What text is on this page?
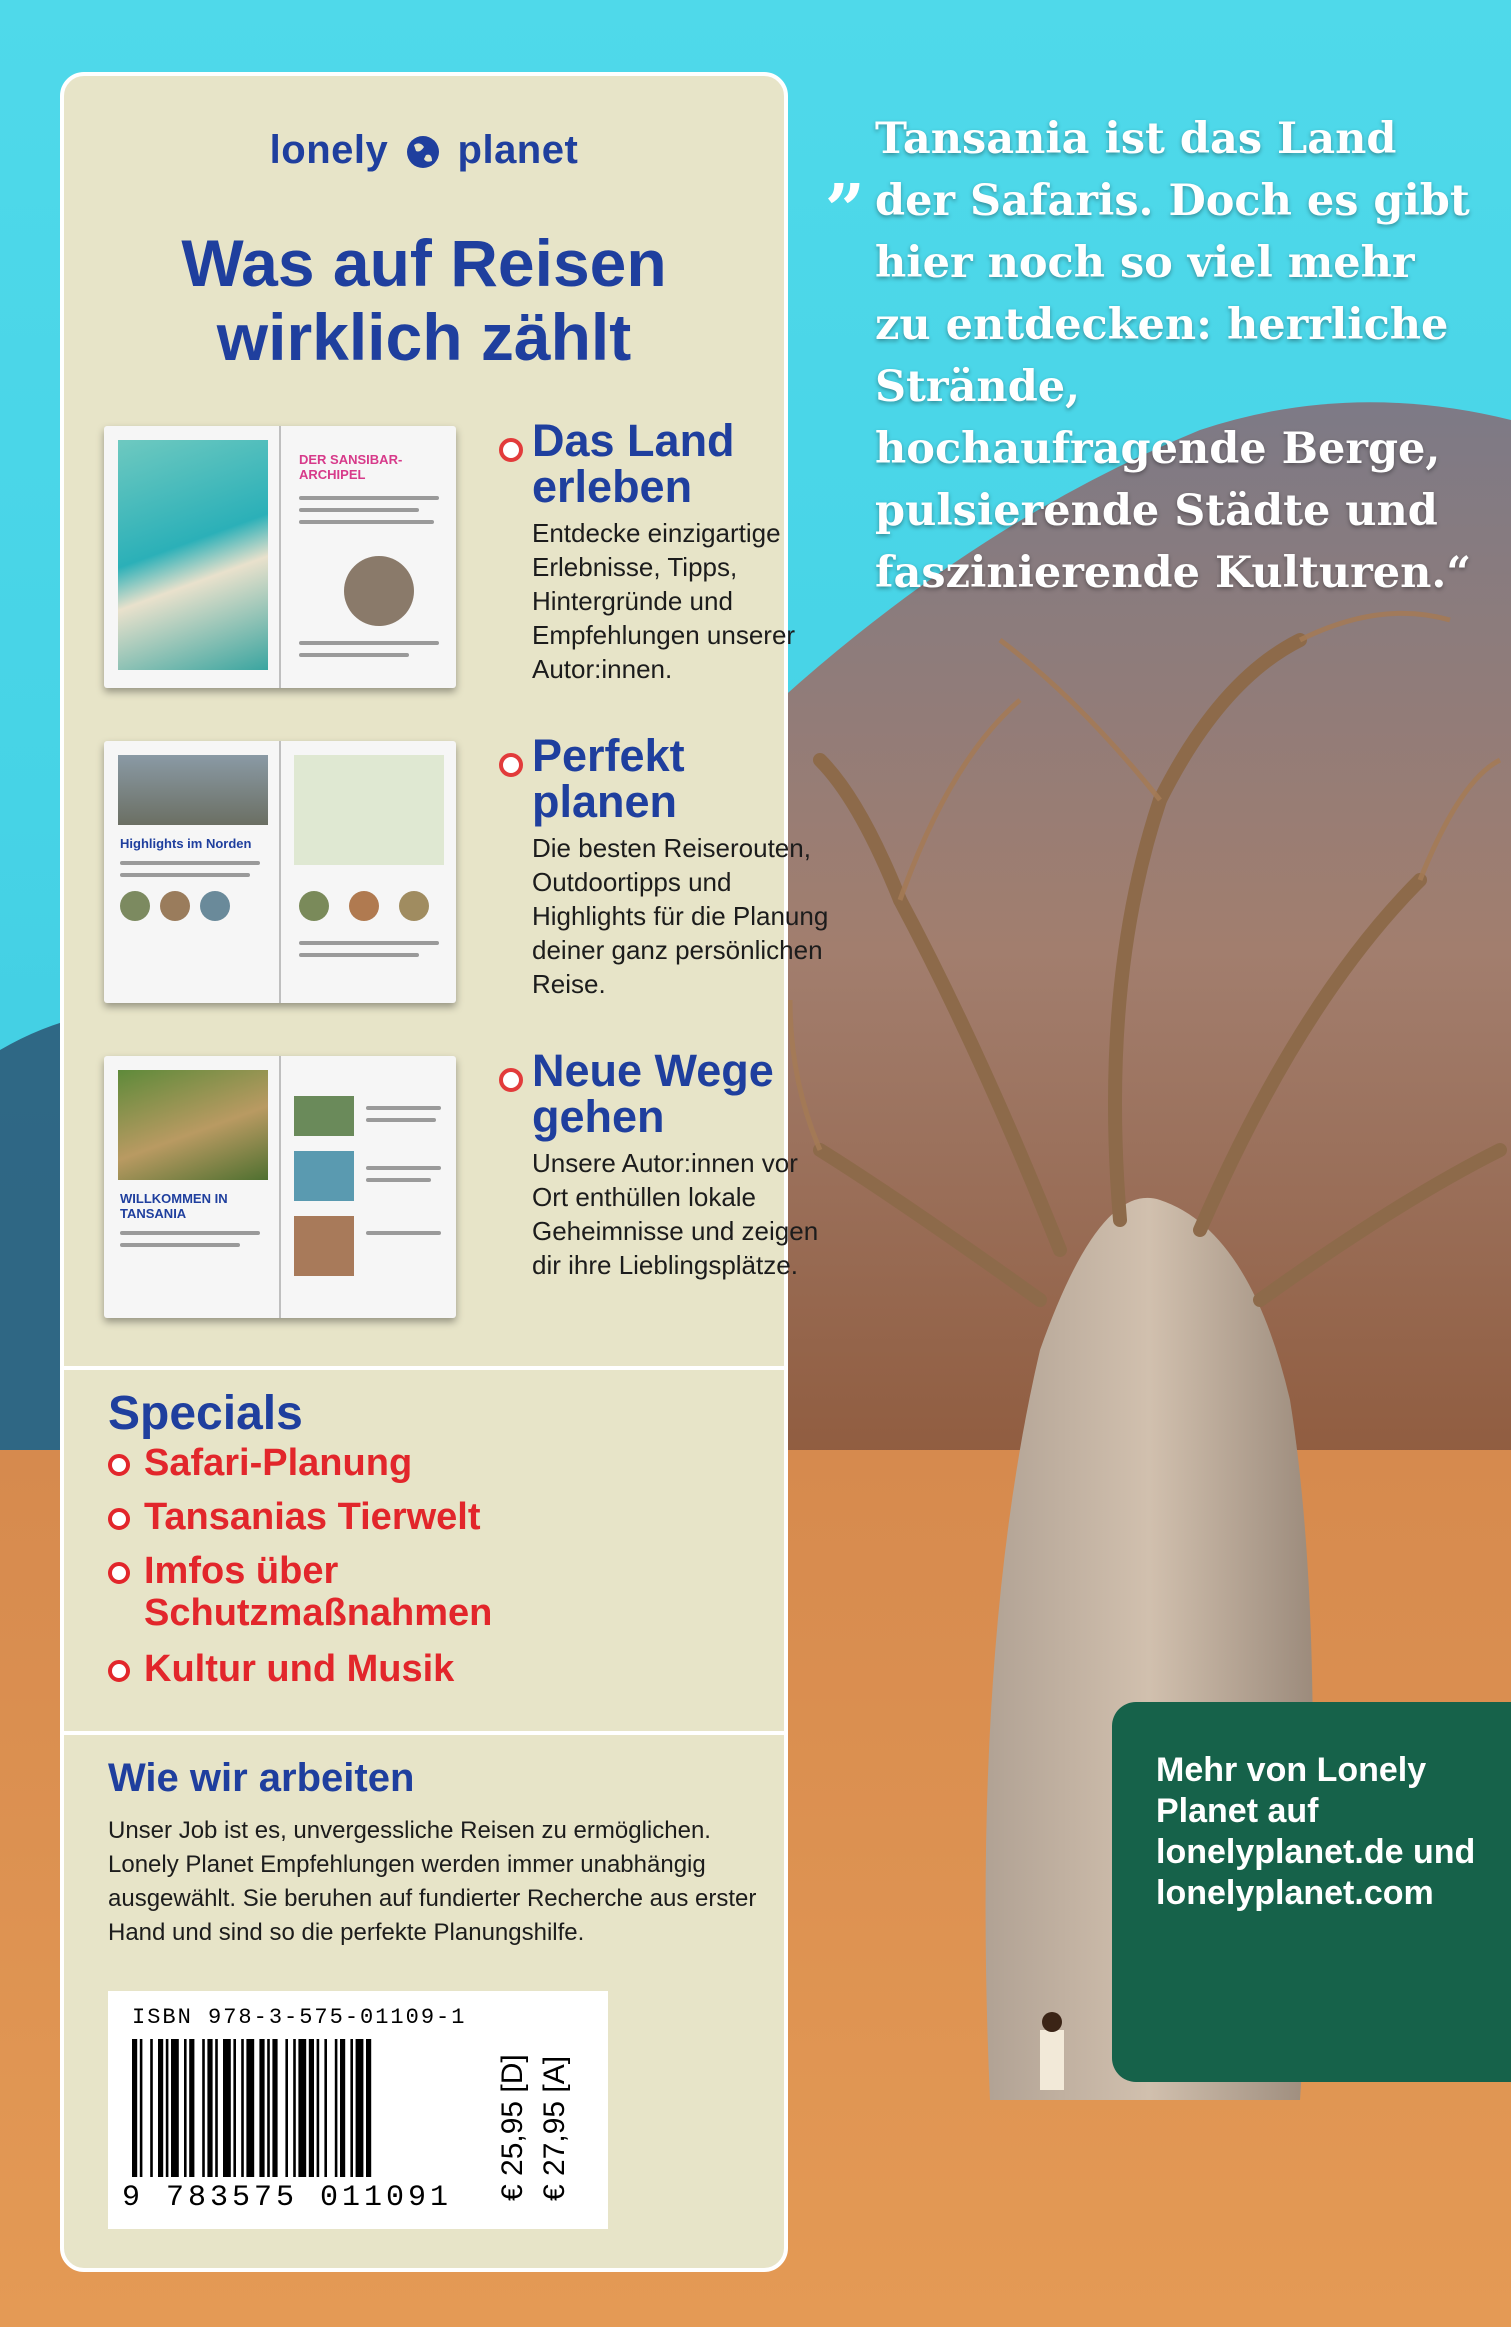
lonely planet
Was auf Reisen
wirklich zählt
DER SANSIBAR-ARCHIPEL
Das Land
erleben
Entdecke einzigartige Erlebnisse, Tipps, Hintergründe und Empfehlungen unserer Autor:innen.
Highlights im Norden
Perfekt
planen
Die besten Reiserouten, Outdoortipps und Highlights für die Planung deiner ganz persönlichen Reise.
WILLKOMMEN IN TANSANIA
Neue Wege
gehen
Unsere Autor:innen vor Ort enthüllen lokale Geheimnisse und zeigen dir ihre Lieblingsplätze.
Specials
Safari-Planung
Tansanias Tierwelt
Imfos über Schutzmaßnahmen
Kultur und Musik
Wie wir arbeiten
Unser Job ist es, unvergessliche Reisen zu ermöglichen. Lonely Planet Empfehlungen werden immer unabhängig ausgewählt. Sie beruhen auf fundierter Recherche aus erster Hand und sind so die perfekte Planungshilfe.
ISBN 978-3-575-01109-1
9 783575 011091 € 25,95 [D] € 27,95 [A]
„ Tansania ist das Land der Safaris. Doch es gibt hier noch so viel mehr zu entdecken: herrliche Strände, hochaufragende Berge, pulsierende Städte und faszinierende Kulturen.“
Mehr von Lonely Planet auf lonelyplanet.de und lonelyplanet.com
